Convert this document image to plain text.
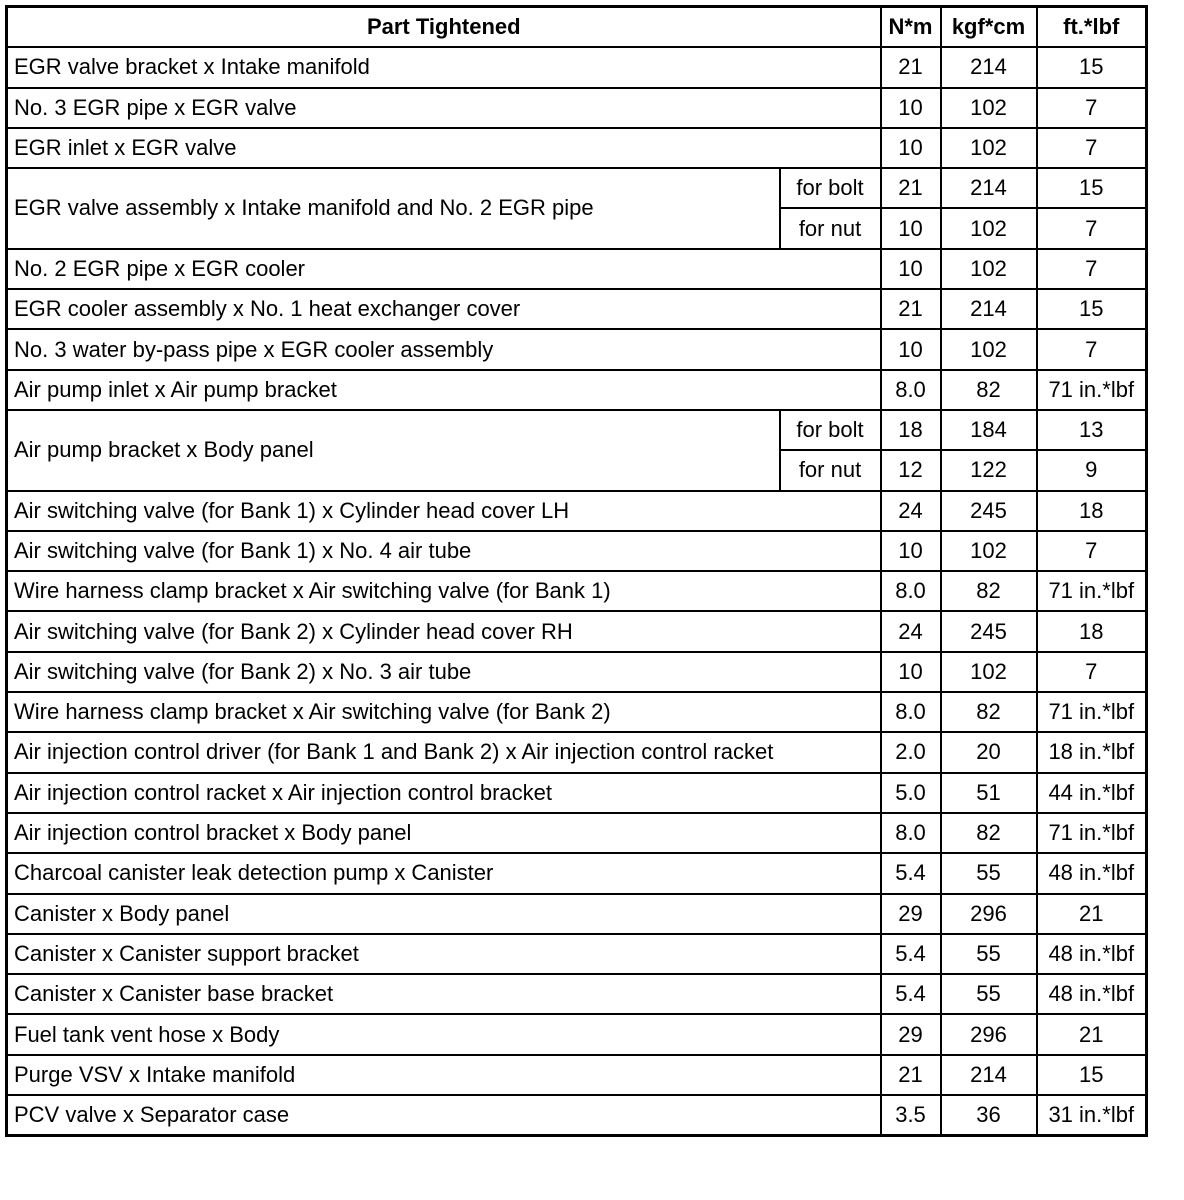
Part Tightened		N*m	kgf*cm	ft.*lbf
EGR valve bracket x Intake manifold		21	214	15
No. 3 EGR pipe x EGR valve		10	102	7
EGR inlet x EGR valve		10	102	7
EGR valve assembly x Intake manifold and No. 2 EGR pipe	for bolt	21	214	15
	for nut	10	102	7
No. 2 EGR pipe x EGR cooler		10	102	7
EGR cooler assembly x No. 1 heat exchanger cover		21	214	15
No. 3 water by-pass pipe x EGR cooler assembly		10	102	7
Air pump inlet x Air pump bracket		8.0	82	71 in.*lbf
Air pump bracket x Body panel	for bolt	18	184	13
	for nut	12	122	9
Air switching valve (for Bank 1) x Cylinder head cover LH		24	245	18
Air switching valve (for Bank 1) x No. 4 air tube		10	102	7
Wire harness clamp bracket x Air switching valve (for Bank 1)		8.0	82	71 in.*lbf
Air switching valve (for Bank 2) x Cylinder head cover RH		24	245	18
Air switching valve (for Bank 2) x No. 3 air tube		10	102	7
Wire harness clamp bracket x Air switching valve (for Bank 2)		8.0	82	71 in.*lbf
Air injection control driver (for Bank 1 and Bank 2) x Air injection control racket		2.0	20	18 in.*lbf
Air injection control racket x Air injection control bracket		5.0	51	44 in.*lbf
Air injection control bracket x Body panel		8.0	82	71 in.*lbf
Charcoal canister leak detection pump x Canister		5.4	55	48 in.*lbf
Canister x Body panel		29	296	21
Canister x Canister support bracket		5.4	55	48 in.*lbf
Canister x Canister base bracket		5.4	55	48 in.*lbf
Fuel tank vent hose x Body		29	296	21
Purge VSV x Intake manifold		21	214	15
PCV valve x Separator case		3.5	36	31 in.*lbf
